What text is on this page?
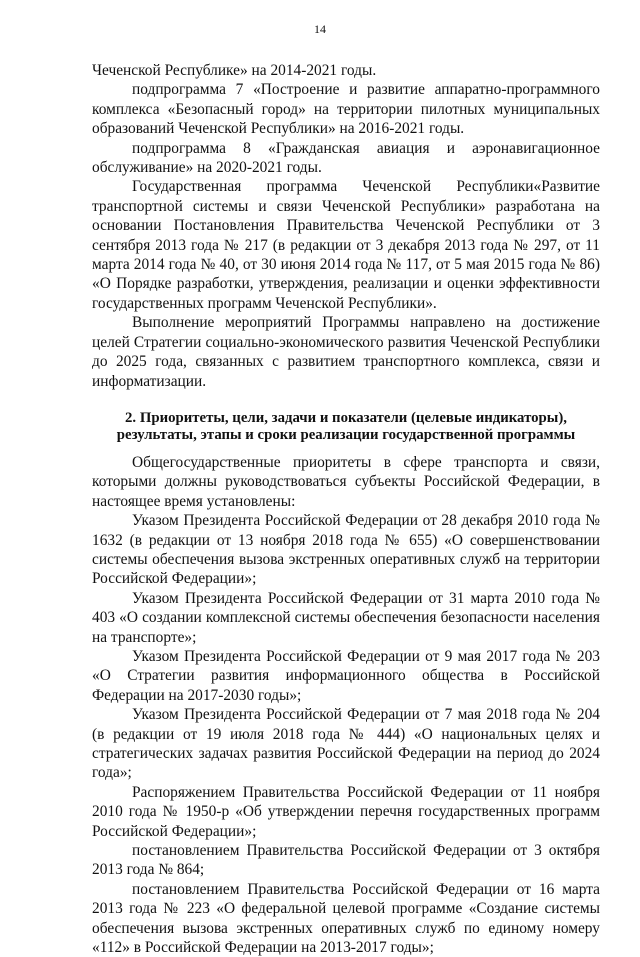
14

Чеченской Республике» на 2014-2021 годы.

подпрограмма 7 «Построение и развитие аппаратно-программного комплекса «Безопасный город» на территории пилотных муниципальных образований Чеченской Республики» на 2016-2021 годы.

подпрограмма 8 «Гражданская авиация и аэронавигационное обслуживание» на 2020-2021 годы.

Государственная программа Чеченской Республики«Развитие транспортной системы и связи Чеченской Республики» разработана на основании Постановления Правительства Чеченской Республики от 3 сентября 2013 года № 217 (в редакции от 3 декабря 2013 года № 297, от 11 марта 2014 года № 40, от 30 июня 2014 года № 117, от 5 мая 2015 года № 86) «О Порядке разработки, утверждения, реализации и оценки эффективности государственных программ Чеченской Республики».

Выполнение мероприятий Программы направлено на достижение целей Стратегии социально-экономического развития Чеченской Республики до 2025 года, связанных с развитием транспортного комплекса, связи и информатизации.

2. Приоритеты, цели, задачи и показатели (целевые индикаторы),
результаты, этапы и сроки реализации государственной программы

Общегосударственные приоритеты в сфере транспорта и связи, которыми должны руководствоваться субъекты Российской Федерации, в настоящее время установлены:

Указом Президента Российской Федерации от 28 декабря 2010 года № 1632 (в редакции от 13 ноября 2018 года № 655) «О совершенствовании системы обеспечения вызова экстренных оперативных служб на территории Российской Федерации»;

Указом Президента Российской Федерации от 31 марта 2010 года № 403 «О создании комплексной системы обеспечения безопасности населения на транспорте»;

Указом Президента Российской Федерации от 9 мая 2017 года № 203 «О Стратегии развития информационного общества в Российской Федерации на 2017-2030 годы»;

Указом Президента Российской Федерации от 7 мая 2018 года № 204 (в редакции от 19 июля 2018 года № 444) «О национальных целях и стратегических задачах развития Российской Федерации на период до 2024 года»;

Распоряжением Правительства Российской Федерации от 11 ноября 2010 года № 1950-р «Об утверждении перечня государственных программ Российской Федерации»;

постановлением Правительства Российской Федерации от 3 октября 2013 года № 864;

постановлением Правительства Российской Федерации от 16 марта 2013 года № 223 «О федеральной целевой программе «Создание системы обеспечения вызова экстренных оперативных служб по единому номеру «112» в Российской Федерации на 2013-2017 годы»;
